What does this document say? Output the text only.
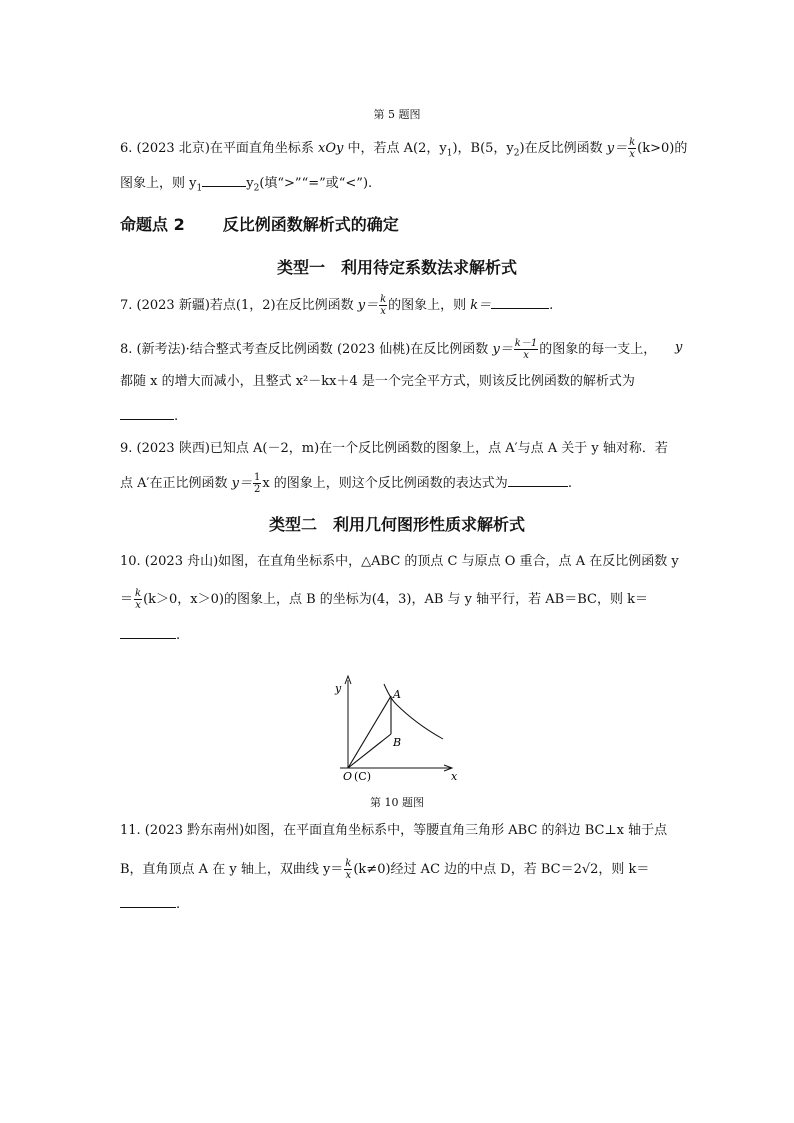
第 5 题图
6. (2023 北京)在平面直角坐标系 xOy 中，若点 A(2，$y_1$)，B(5，$y_2$)在反比例函数 $y= \frac{k}{x} (k>0)$的
图象上，则 $y_1$	$y_2$(填“>”“=”或“<”).
命题点 2 反比例函数解析式的确定
类型一　利用待定系数法求解析式
7. (2023 新疆)若点(1，2)在反比例函数 $y= \frac{k}{x}$ 的图象上，则 k＝	.
8. (新考法)·结合整式考查反比例函数 (2023 仙桃)在反比例函数 $y= \frac{k-1}{x}$ 的图象的每一支上， y
都随 x 的增大而减小，且整式 x²－kx＋4 是一个完全平方式，则该反比例函数的解析式为
.
9. (2023 陕西)已知点 A(－2，m)在一个反比例函数的图象上，点 A′与点 A 关于 y 轴对称．若
点 A′在正比例函数 $y= \frac{1}{2}$ x 的图象上，则这个反比例函数的表达式为	.
类型二　利用几何图形性质求解析式
10. (2023 舟山)如图，在直角坐标系中，△ABC 的顶点 C 与原点 O 重合，点 A 在反比例函数 y
＝ $\frac{k}{x} (k>0$，x＞0)的图象上，点 B 的坐标为(4，3)，AB 与 y 轴平行，若 AB＝BC，则 k＝
.
y
x
A
B
O (C)
第 10 题图
11. (2023 黔东南州)如图，在平面直角坐标系中，等腰直角三角形 ABC 的斜边 BC⊥x 轴于点
B，直角顶点 A 在 y 轴上，双曲线 $y= \frac{k}{x} (k\ne 0)$经过 AC 边的中点 D，若 BC＝2√2，则 k＝
.
